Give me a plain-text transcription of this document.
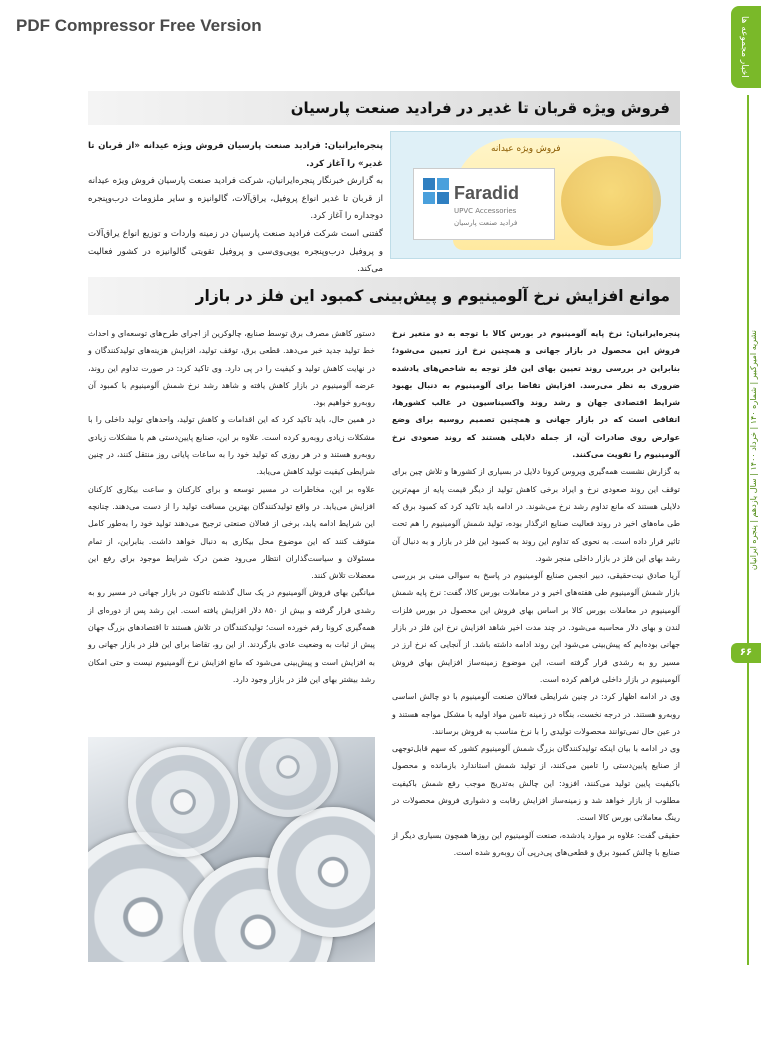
PDF Compressor Free Version	اخبار مجموعه ها
نشریه امیرکبیر | شماره ۱۴۰ | خرداد ۱۴۰۰ | سال یازدهم | پنجره ایرانیان
۶۶
فروش ویژه قربان تا غدیر در فرادید صنعت پارسیان
فروش ویژه عیدانه
Faradid
UPVC Accessories
فرادید صنعت پارسیان

پنجره‌ایرانیان: فرادید صنعت پارسیان فروش ویژه عیدانه «از قربان تا غدیر» را آغاز کرد.

به گزارش خبرنگار پنجره‌ایرانیان، شرکت فرادید صنعت پارسیان فروش ویژه عیدانه از قربان تا غدیر انواع پروفیل، یراق‌آلات، گالوانیزه و سایر ملزومات درب‌وپنجره دوجداره را آغاز کرد.

گفتنی است شرکت فرادید صنعت پارسیان در زمینه واردات و توزیع انواع یراق‌آلات و پروفیل درب‌وپنجره یو‌پی‌وی‌سی و پروفیل تقویتی گالوانیزه در کشور فعالیت می‌کند.

موانع افزایش نرخ آلومینیوم و پیش‌بینی کمبود این فلز در بازار

پنجره‌ایرانیان: نرخ پایه آلومینیوم در بورس کالا با توجه به دو متغیر نرخ فروش این محصول در بازار جهانی و همچنین نرخ ارز تعیین می‌شود؛ بنابراین در بررسی روند تعیین بهای این فلز توجه به شاخص‌های یادشده ضروری به نظر می‌رسد. افزایش تقاضا برای آلومینیوم به دنبال بهبود شرایط اقتصادی جهان و رشد روند واکسیناسیون در غالب کشورها، اتفاقی است که در بازار جهانی و همچنین تصمیم روسیه برای وضع عوارض روی صادرات آن، از جمله دلایلی هستند که روند صعودی نرخ آلومینیوم را تقویت می‌کنند.

به گزارش نشست همه‌گیری ویروس کرونا دلایل در بسیاری از کشورها و تلاش چین برای توقف این روند صعودی نرخ و ایراد برخی کاهش تولید از دیگر قیمت پایه از مهم‌ترین دلایلی هستند که مانع تداوم رشد نرخ می‌شوند. در ادامه باید تاکید کرد که کمبود برق که طی ماه‌های اخیر در روند فعالیت صنایع اثرگذار بوده، تولید شمش آلومینیوم را هم تحت تاثیر قرار داده است. به نحوی که تداوم این روند به کمبود این فلز در بازار و به دنبال آن رشد بهای این فلز در بازار داخلی منجر شود.

آریا صادق نیت‌حقیقی، دبیر انجمن صنایع آلومینیوم در پاسخ به سوالی مبنی بر بررسی بازار شمش آلومینیوم طی هفته‌های اخیر و در معاملات بورس کالا، گفت: نرخ پایه شمش آلومینیوم در معاملات بورس کالا بر اساس بهای فروش این محصول در بورس فلزات لندن و بهای دلار محاسبه می‌شود. در چند مدت اخیر شاهد افزایش نرخ این فلز در بازار جهانی بوده‌ایم که پیش‌بینی می‌شود این روند ادامه داشته باشد. از آنجایی که نرخ ارز در مسیر رو به رشدی قرار گرفته است، این موضوع زمینه‌ساز افزایش بهای فروش آلومینیوم در بازار داخلی فراهم کرده است.

وی در ادامه اظهار کرد: در چنین شرایطی فعالان صنعت آلومینیوم با دو چالش اساسی روبه‌رو هستند. در درجه نخست، بنگاه در زمینه تامین مواد اولیه با مشکل مواجه هستند و در عین حال نمی‌توانند محصولات تولیدی را با نرخ مناسب به فروش برسانند.

وی در ادامه با بیان اینکه تولیدکنندگان بزرگ شمش آلومینیوم کشور که سهم قابل‌توجهی از صنایع پایین‌دستی را تامین می‌کنند، از تولید شمش استاندارد بازمانده و محصول باکیفیت پایین تولید می‌کنند، افزود: این چالش به‌تدریج موجب رفع شمش باکیفیت مطلوب از بازار خواهد شد و زمینه‌ساز افزایش رقابت و دشواری فروش محصولات در رینگ معاملاتی بورس کالا است.

حقیقی گفت: علاوه بر موارد یادشده، صنعت آلومینیوم این روزها همچون بسیاری دیگر از صنایع با چالش کمبود برق و قطعی‌های پی‌درپی آن روبه‌رو شده است.

دستور کاهش مصرف برق توسط صنایع، چالوکرین از اجرای طرح‌های توسعه‌ای و احداث خط تولید جدید خبر می‌دهد. قطعی برق، توقف تولید، افزایش هزینه‌های تولیدکنندگان و در نهایت کاهش تولید و کیفیت را در پی دارد. وی تاکید کرد: در صورت تداوم این روند، عرضه آلومینیوم در بازار کاهش یافته و شاهد رشد نرخ شمش آلومینیوم با کمبود آن روبه‌رو خواهیم بود.

در همین حال، باید تاکید کرد که این اقدامات و کاهش تولید، واحدهای تولید داخلی را با مشکلات زیادی روبه‌رو کرده است. علاوه بر این، صنایع پایین‌دستی هم با مشکلات زیادی روبه‌رو هستند و در هر روزی که تولید خود را به ساعات پایانی روز منتقل کنند، در چنین شرایطی کیفیت تولید کاهش می‌یابد.

علاوه بر این، مخاطرات در مسیر توسعه و برای کارکنان و ساعت بیکاری کارکنان افزایش می‌یابد. در واقع تولیدکنندگان بهترین مسافت تولید را از دست می‌دهند. چنانچه این شرایط ادامه یابد، برخی از فعالان صنعتی ترجیح می‌دهند تولید خود را به‌طور کامل متوقف کنند که این موضوع محل بیکاری به دنبال خواهد داشت. بنابراین، از تمام مسئولان و سیاست‌گذاران انتظار می‌رود ضمن درک شرایط موجود برای رفع این معضلات تلاش کنند.

میانگین بهای فروش آلومینیوم در یک سال گذشته تاکنون در بازار جهانی در مسیر رو به رشدی قرار گرفته و بیش از ۸۵۰ دلار افزایش یافته است. این رشد پس از دوره‌ای از همه‌گیری کرونا رقم خورده است؛ تولیدکنندگان در تلاش هستند تا اقتصادهای بزرگ جهان پیش از ثبات به وضعیت عادی بازگردند. از این رو، تقاضا برای این فلز در بازار جهانی رو به افزایش است و پیش‌بینی می‌شود که مانع افزایش نرخ آلومینیوم نیست و حتی امکان رشد بیشتر بهای این فلز در بازار وجود دارد.
